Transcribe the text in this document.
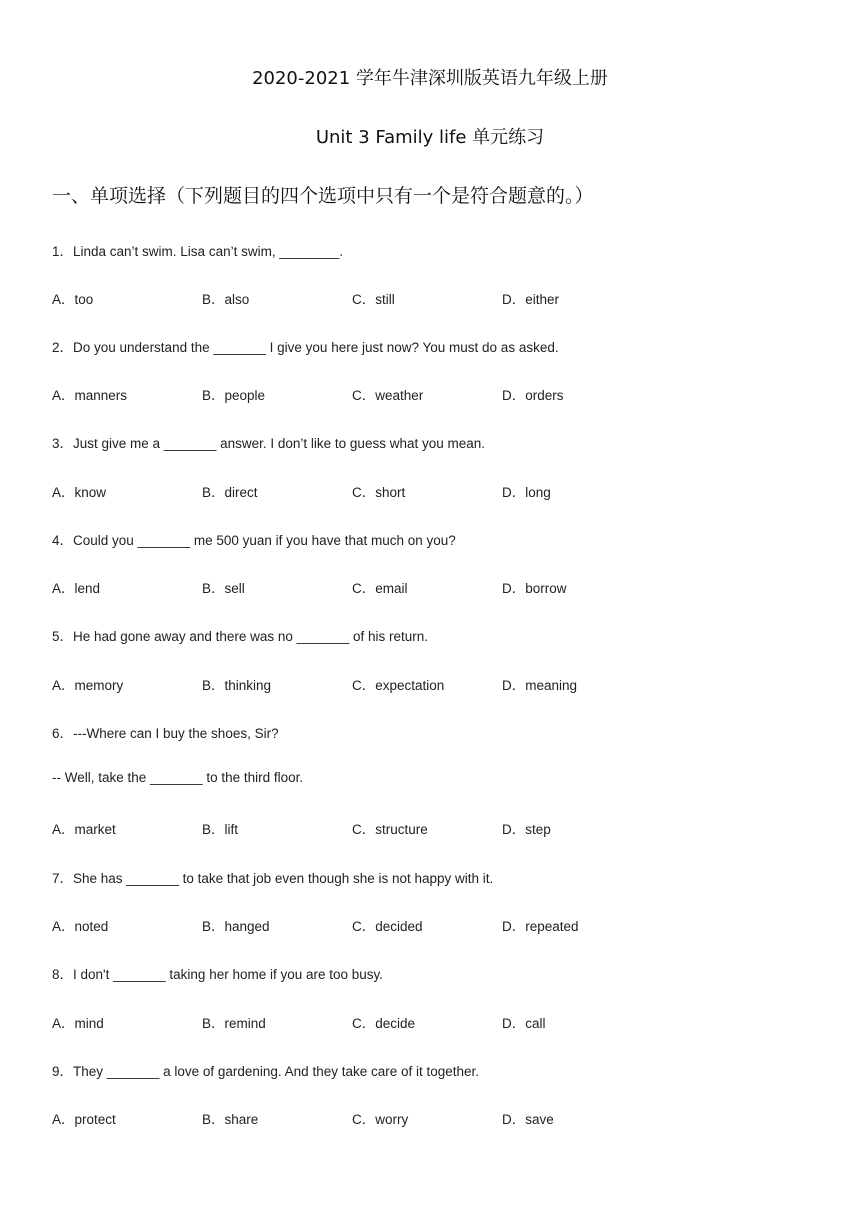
2020-2021 学年牛津深圳版英语九年级上册
Unit 3 Family life 单元练习
一、单项选择（下列题目的四个选项中只有一个是符合题意的。）
1．Linda can’t swim. Lisa can’t swim, ________.
A．too	B．also	C．still	D．either
2．Do you understand the _______ I give you here just now? You must do as asked.
A．manners	B．people	C．weather	D．orders
3．Just give me a _______ answer. I don’t like to guess what you mean.
A．know	B．direct	C．short	D．long
4．Could you _______ me 500 yuan if you have that much on you?
A．lend	B．sell	C．email	D．borrow
5．He had gone away and there was no _______ of his return.
A．memory	B．thinking	C．expectation	D．meaning
6．---Where can I buy the shoes, Sir?
-- Well, take the _______ to the third floor.
A．market	B．lift	C．structure	D．step
7．She has _______ to take that job even though she is not happy with it.
A．noted	B．hanged	C．decided	D．repeated
8．I don't _______ taking her home if you are too busy.
A．mind	B．remind	C．decide	D．call
9．They _______ a love of gardening. And they take care of it together.
A．protect	B．share	C．worry	D．save
